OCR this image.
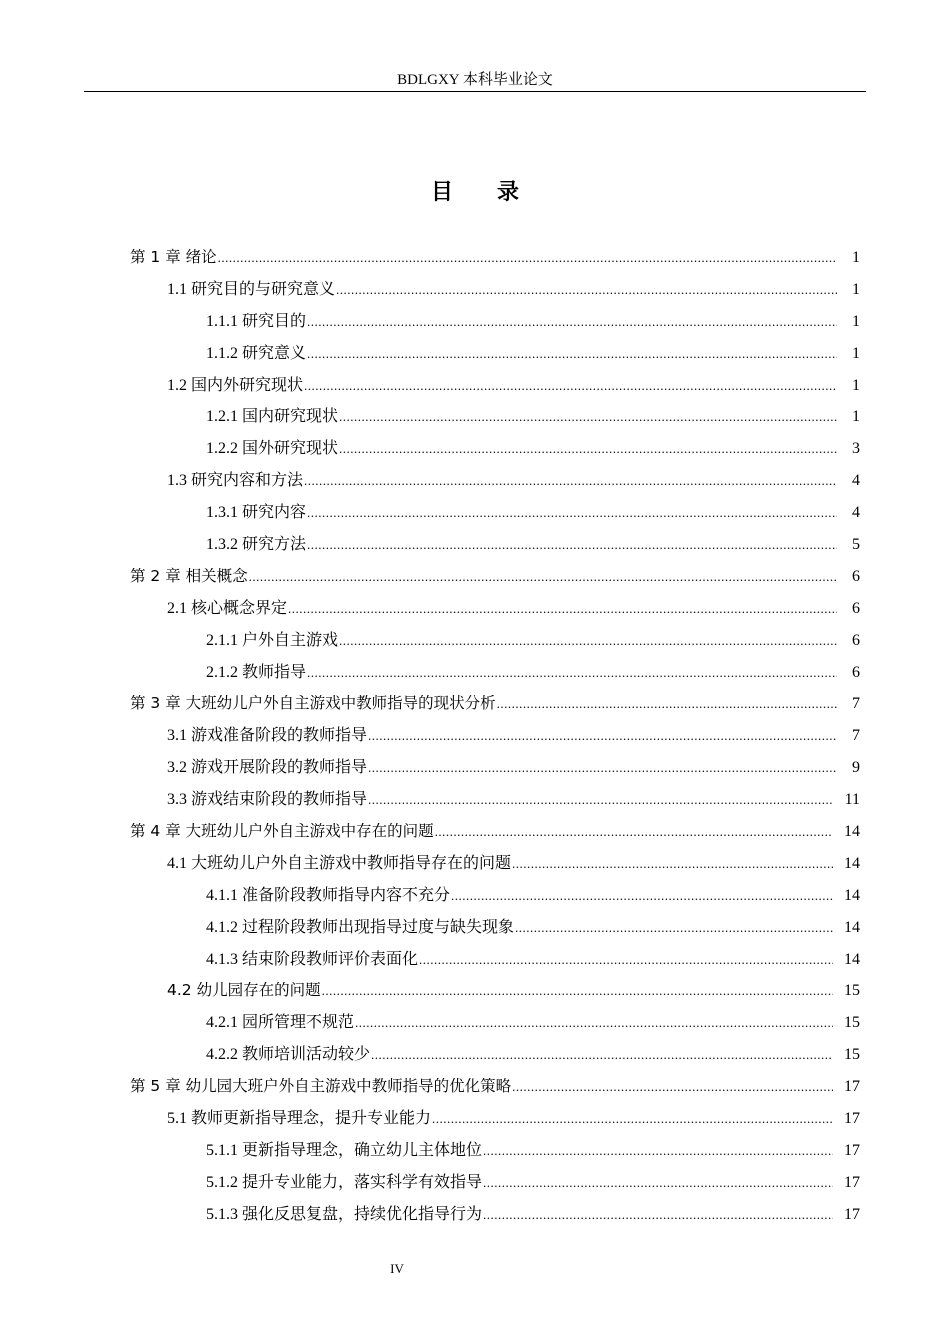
BDLGXY 本科毕业论文
目录
第 1 章 绪论 .....	1
1.1 研究目的与研究意义 .....	1
1.1.1 研究目的 .....	1
1.1.2 研究意义 .....	1
1.2 国内外研究现状 .....	1
1.2.1 国内研究现状 .....	1
1.2.2 国外研究现状 .....	3
1.3 研究内容和方法 .....	4
1.3.1 研究内容 .....	4
1.3.2 研究方法 .....	5
第 2 章 相关概念 .....	6
2.1 核心概念界定 .....	6
2.1.1 户外自主游戏 .....	6
2.1.2 教师指导 .....	6
第 3 章 大班幼儿户外自主游戏中教师指导的现状分析 .....	7
3.1 游戏准备阶段的教师指导 .....	7
3.2 游戏开展阶段的教师指导 .....	9
3.3 游戏结束阶段的教师指导 .....	11
第 4 章 大班幼儿户外自主游戏中存在的问题 .....	14
4.1 大班幼儿户外自主游戏中教师指导存在的问题 .....	14
4.1.1 准备阶段教师指导内容不充分 .....	14
4.1.2 过程阶段教师出现指导过度与缺失现象 .....	14
4.1.3 结束阶段教师评价表面化 .....	14
4.2 幼儿园存在的问题 .....	15
4.2.1 园所管理不规范 .....	15
4.2.2 教师培训活动较少 .....	15
第 5 章 幼儿园大班户外自主游戏中教师指导的优化策略 .....	17
5.1 教师更新指导理念，提升专业能力 .....	17
5.1.1 更新指导理念，确立幼儿主体地位 .....	17
5.1.2 提升专业能力，落实科学有效指导 .....	17
5.1.3 强化反思复盘，持续优化指导行为 .....	17
IV
